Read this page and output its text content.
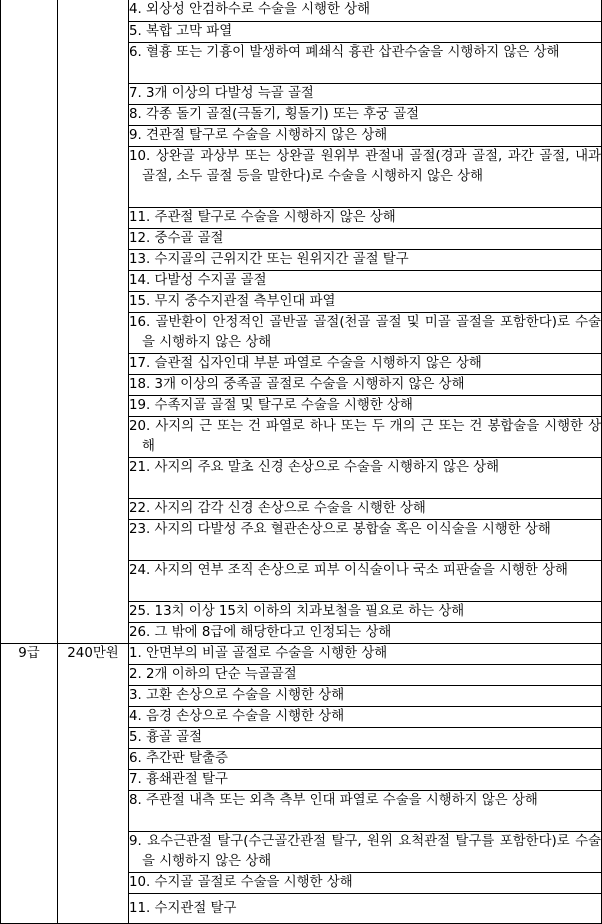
		4. 외상성 안검하수로 수술을 시행한 상해

		5. 복합 고막 파열

		6. 혈흉 또는 기흉이 발생하여 폐쇄식 흉관 삽관수술을 시행하지 않은 상해

		7. 3개 이상의 다발성 늑골 골절

		8. 각종 돌기 골절(극돌기, 횡돌기) 또는 후궁 골절

		9. 견관절 탈구로 수술을 시행하지 않은 상해

		10. 상완골 과상부 또는 상완골 원위부 관절내 골절(경과 골절, 과간 골절, 내과 골절, 소두 골절 등을 말한다)로 수술을 시행하지 않은 상해

		11. 주관절 탈구로 수술을 시행하지 않은 상해

		12. 중수골 골절

		13. 수지골의 근위지간 또는 원위지간 골절 탈구

		14. 다발성 수지골 골절

		15. 무지 중수지관절 측부인대 파열

		16. 골반환이 안정적인 골반골 골절(천골 골절 및 미골 골절을 포함한다)로 수술을 시행하지 않은 상해

		17. 슬관절 십자인대 부분 파열로 수술을 시행하지 않은 상해

		18. 3개 이상의 중족골 골절로 수술을 시행하지 않은 상해

		19. 수족지골 골절 및 탈구로 수술을 시행한 상해

		20. 사지의 근 또는 건 파열로 하나 또는 두 개의 근 또는 건 봉합술을 시행한 상해

		21. 사지의 주요 말초 신경 손상으로 수술을 시행하지 않은 상해

		22. 사지의 감각 신경 손상으로 수술을 시행한 상해

		23. 사지의 다발성 주요 혈관손상으로 봉합술 혹은 이식술을 시행한 상해

		24. 사지의 연부 조직 손상으로 피부 이식술이나 국소 피판술을 시행한 상해

		25. 13치 이상 15치 이하의 치과보철을 필요로 하는 상해

		26. 그 밖에 8급에 해당한다고 인정되는 상해

9급	240만원	1. 안면부의 비골 골절로 수술을 시행한 상해

		2. 2개 이하의 단순 늑골골절

		3. 고환 손상으로 수술을 시행한 상해

		4. 음경 손상으로 수술을 시행한 상해

		5. 흉골 골절

		6. 추간판 탈출증

		7. 흉쇄관절 탈구

		8. 주관절 내측 또는 외측 측부 인대 파열로 수술을 시행하지 않은 상해

		9. 요수근관절 탈구(수근골간관절 탈구, 원위 요척관절 탈구를 포함한다)로 수술을 시행하지 않은 상해

		10. 수지골 골절로 수술을 시행한 상해

		11. 수지관절 탈구
